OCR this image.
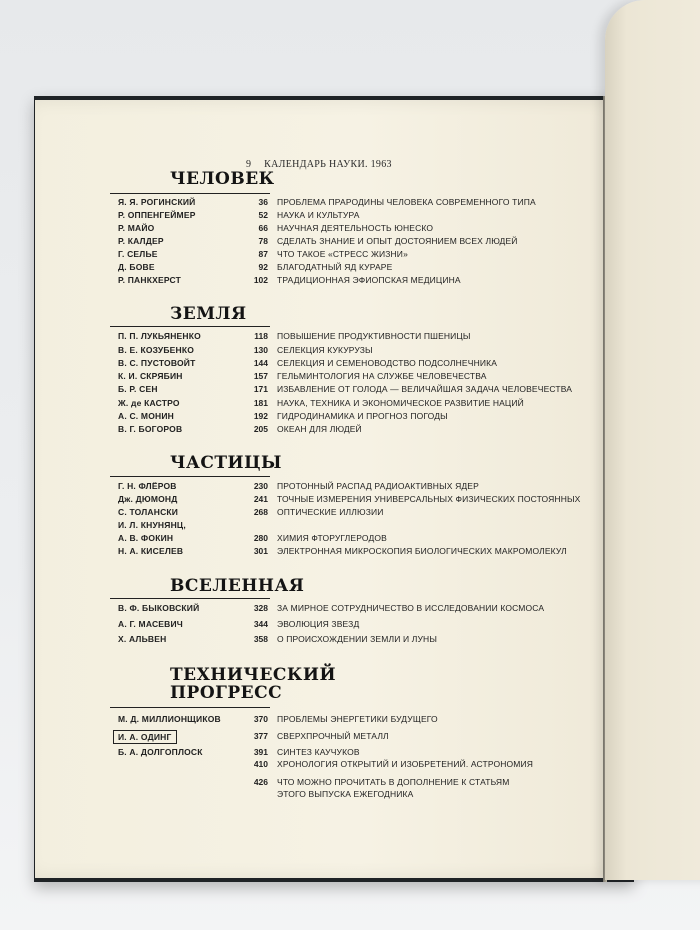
9 КАЛЕНДАРЬ НАУКИ. 1963
ЧЕЛОВЕК
Я. Я. РОГИНСКИЙ	36 ПРОБЛЕМА ПРАРОДИНЫ ЧЕЛОВЕКА СОВРЕМЕННОГО ТИПА
Р. ОППЕНГЕЙМЕР	52 НАУКА И КУЛЬТУРА
Р. МАЙО	66 НАУЧНАЯ ДЕЯТЕЛЬНОСТЬ ЮНЕСКО
Р. КАЛДЕР	78 СДЕЛАТЬ ЗНАНИЕ И ОПЫТ ДОСТОЯНИЕМ ВСЕХ ЛЮДЕЙ
Г. СЕЛЬЕ	87 ЧТО ТАКОЕ «СТРЕСС ЖИЗНИ»
Д. БОВЕ	92 БЛАГОДАТНЫЙ ЯД КУРАРЕ
Р. ПАНКХЕРСТ	102 ТРАДИЦИОННАЯ ЭФИОПСКАЯ МЕДИЦИНА
ЗЕМЛЯ
П. П. ЛУКЬЯНЕНКО	118 ПОВЫШЕНИЕ ПРОДУКТИВНОСТИ ПШЕНИЦЫ
В. Е. КОЗУБЕНКО	130 СЕЛЕКЦИЯ КУКУРУЗЫ
В. С. ПУСТОВОЙТ	144 СЕЛЕКЦИЯ И СЕМЕНОВОДСТВО ПОДСОЛНЕЧНИКА
К. И. СКРЯБИН	157 ГЕЛЬМИНТОЛОГИЯ НА СЛУЖБЕ ЧЕЛОВЕЧЕСТВА
Б. Р. СЕН	171 ИЗБАВЛЕНИЕ ОТ ГОЛОДА — ВЕЛИЧАЙШАЯ ЗАДАЧА ЧЕЛОВЕЧЕСТВА
Ж. де КАСТРО	181 НАУКА, ТЕХНИКА И ЭКОНОМИЧЕСКОЕ РАЗВИТИЕ НАЦИЙ
А. С. МОНИН	192 ГИДРОДИНАМИКА И ПРОГНОЗ ПОГОДЫ
В. Г. БОГОРОВ	205 ОКЕАН ДЛЯ ЛЮДЕЙ
ЧАСТИЦЫ
Г. Н. ФЛЁРОВ	230 ПРОТОННЫЙ РАСПАД РАДИОАКТИВНЫХ ЯДЕР
Дж. ДЮМОНД	241 ТОЧНЫЕ ИЗМЕРЕНИЯ УНИВЕРСАЛЬНЫХ ФИЗИЧЕСКИХ ПОСТОЯННЫХ
С. ТОЛАНСКИ	268 ОПТИЧЕСКИЕ ИЛЛЮЗИИ
И. Л. КНУНЯНЦ,
А. В. ФОКИН	280 ХИМИЯ ФТОРУГЛЕРОДОВ
Н. А. КИСЕЛЕВ	301 ЭЛЕКТРОННАЯ МИКРОСКОПИЯ БИОЛОГИЧЕСКИХ МАКРОМОЛЕКУЛ
ВСЕЛЕННАЯ
В. Ф. БЫКОВСКИЙ	328 ЗА МИРНОЕ СОТРУДНИЧЕСТВО В ИССЛЕДОВАНИИ КОСМОСА
А. Г. МАСЕВИЧ	344 ЭВОЛЮЦИЯ ЗВЕЗД
Х. АЛЬВЕН	358 О ПРОИСХОЖДЕНИИ ЗЕМЛИ И ЛУНЫ
ТЕХНИЧЕСКИЙ
ПРОГРЕСС
М. Д. МИЛЛИОНЩИКОВ	370 ПРОБЛЕМЫ ЭНЕРГЕТИКИ БУДУЩЕГО
И. А. ОДИНГ	377 СВЕРХПРОЧНЫЙ МЕТАЛЛ
Б. А. ДОЛГОПЛОСК	391 СИНТЕЗ КАУЧУКОВ
410 ХРОНОЛОГИЯ ОТКРЫТИЙ И ИЗОБРЕТЕНИЙ. АСТРОНОМИЯ
426 ЧТО МОЖНО ПРОЧИТАТЬ В ДОПОЛНЕНИЕ К СТАТЬЯМ
ЭТОГО ВЫПУСКА ЕЖЕГОДНИКА
